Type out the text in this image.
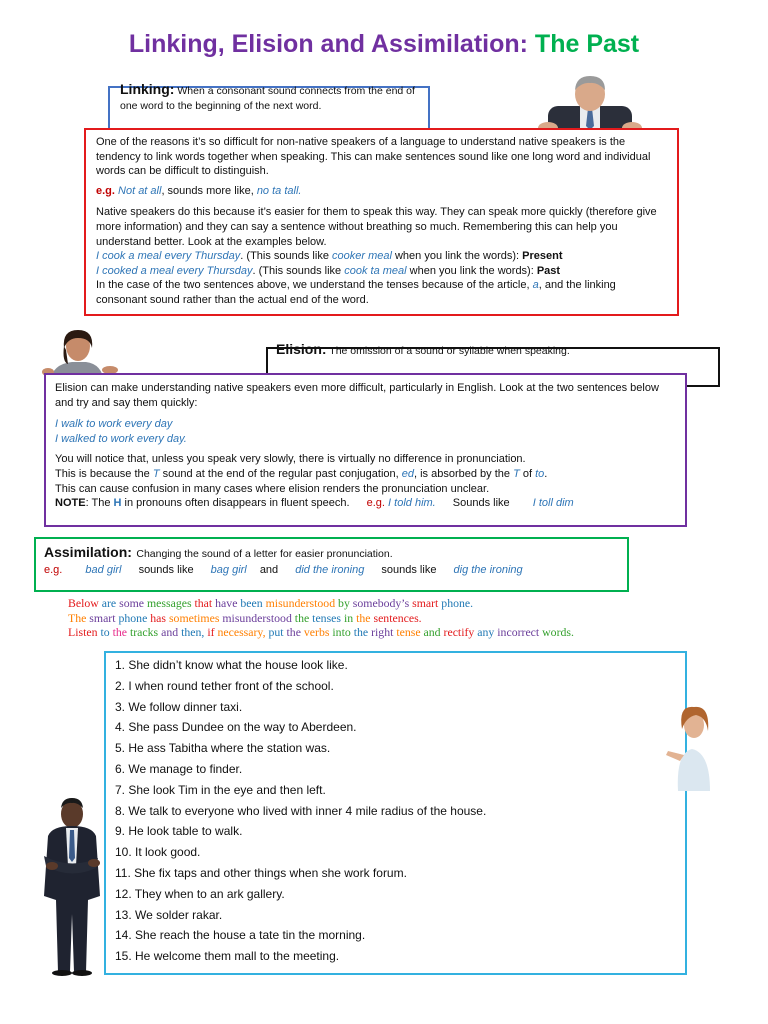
Linking, Elision and Assimilation: The Past

Linking: When a consonant sound connects from the end of one word to the beginning of the next word.

One of the reasons it’s so difficult for non-native speakers of a language to understand native speakers is the tendency to link words together when speaking. This can make sentences sound like one long word and individual words can be difficult to distinguish.

e.g. Not at all, sounds more like, no ta tall.

Native speakers do this because it’s easier for them to speak this way. They can speak more quickly (therefore give more information) and they can say a sentence without breathing so much. Remembering this can help you understand better. Look at the examples below.

I cook a meal every Thursday. (This sounds like cooker meal when you link the words): Present

I cooked a meal every Thursday. (This sounds like cook ta meal when you link the words): Past

In the case of the two sentences above, we understand the tenses because of the article, a, and the linking consonant sound rather than the actual end of the word.

Elision: The omission of a sound or syllable when speaking.

Elision can make understanding native speakers even more difficult, particularly in English. Look at the two sentences below and try and say them quickly:

I walk to work every day

I walked to work every day.

You will notice that, unless you speak very slowly, there is virtually no difference in pronunciation.

This is because the T sound at the end of the regular past conjugation, ed, is absorbed by the T of to.

This can cause confusion in many cases where elision renders the pronunciation unclear.

NOTE: The H in pronouns often disappears in fluent speech. e.g. I told him. Sounds like I toll dim

Assimilation: Changing the sound of a letter for easier pronunciation.

e.g. bad girl sounds like bag girl and did the ironing sounds like dig the ironing

Below are some messages that have been misunderstood by somebody’s smart phone.

The smart phone has sometimes misunderstood the tenses in the sentences.

Listen to the tracks and then, if necessary, put the verbs into the right tense and rectify any incorrect words.

1. She didn’t know what the house look like.
2. I when round tether front of the school.
3. We follow dinner taxi.
4. She pass Dundee on the way to Aberdeen.
5. He ass Tabitha where the station was.
6. We manage to finder.
7. She look Tim in the eye and then left.
8. We talk to everyone who lived with inner 4 mile radius of the house.
9. He look table to walk.
10. It look good.
11. She fix taps and other things when she work forum.
12. They when to an ark gallery.
13. We solder rakar.
14. She reach the house a tate tin the morning.
15. He welcome them mall to the meeting.
